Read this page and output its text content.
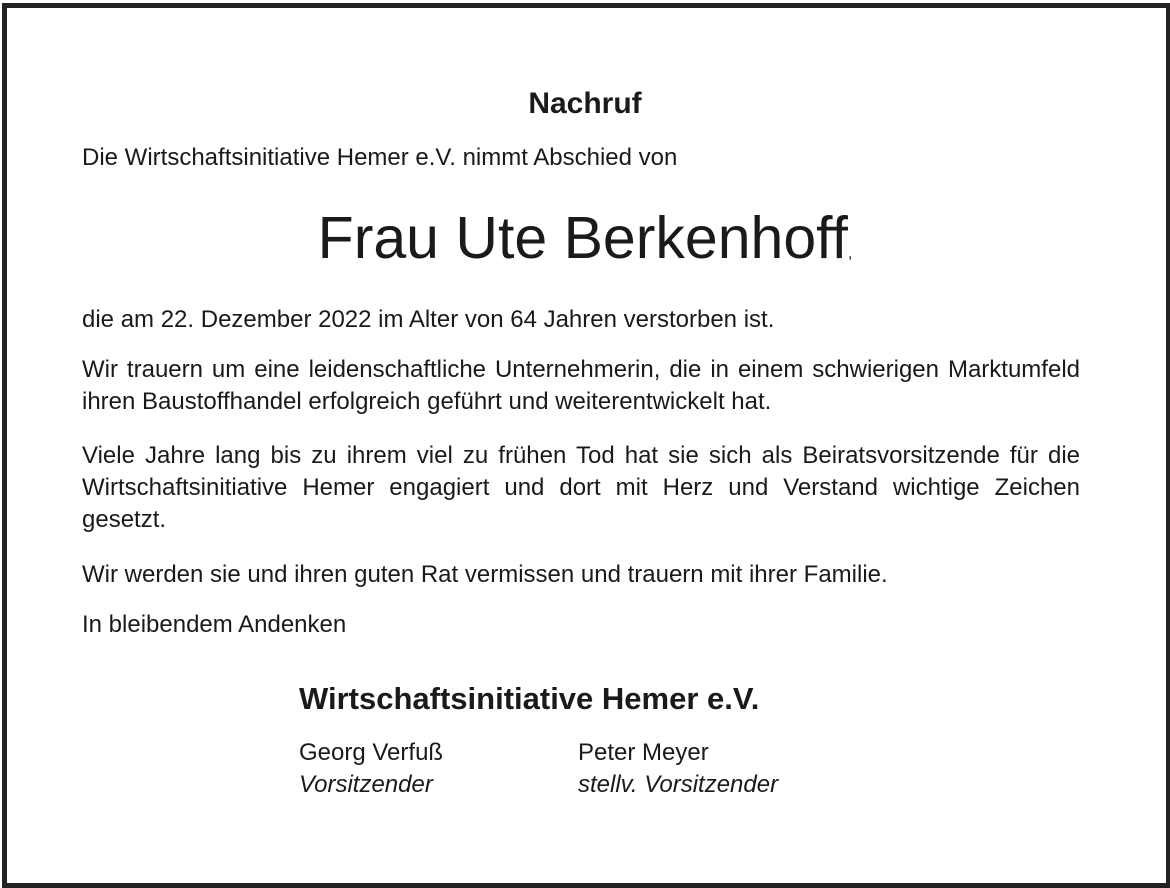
Nachruf
Die Wirtschaftsinitiative Hemer e.V. nimmt Abschied von
Frau Ute Berkenhoff,
die am 22. Dezember 2022 im Alter von 64 Jahren verstorben ist.
Wir trauern um eine leidenschaftliche Unternehmerin, die in einem schwierigen Marktumfeld ihren Baustoffhandel erfolgreich geführt und weiterentwickelt hat.
Viele Jahre lang bis zu ihrem viel zu frühen Tod hat sie sich als Beiratsvorsitzende für die Wirtschaftsinitiative Hemer engagiert und dort mit Herz und Verstand wichtige Zeichen gesetzt.
Wir werden sie und ihren guten Rat vermissen und trauern mit ihrer Familie.
In bleibendem Andenken
Wirtschaftsinitiative Hemer e.V.
Georg Verfuß
Vorsitzender
Peter Meyer
stellv. Vorsitzender
